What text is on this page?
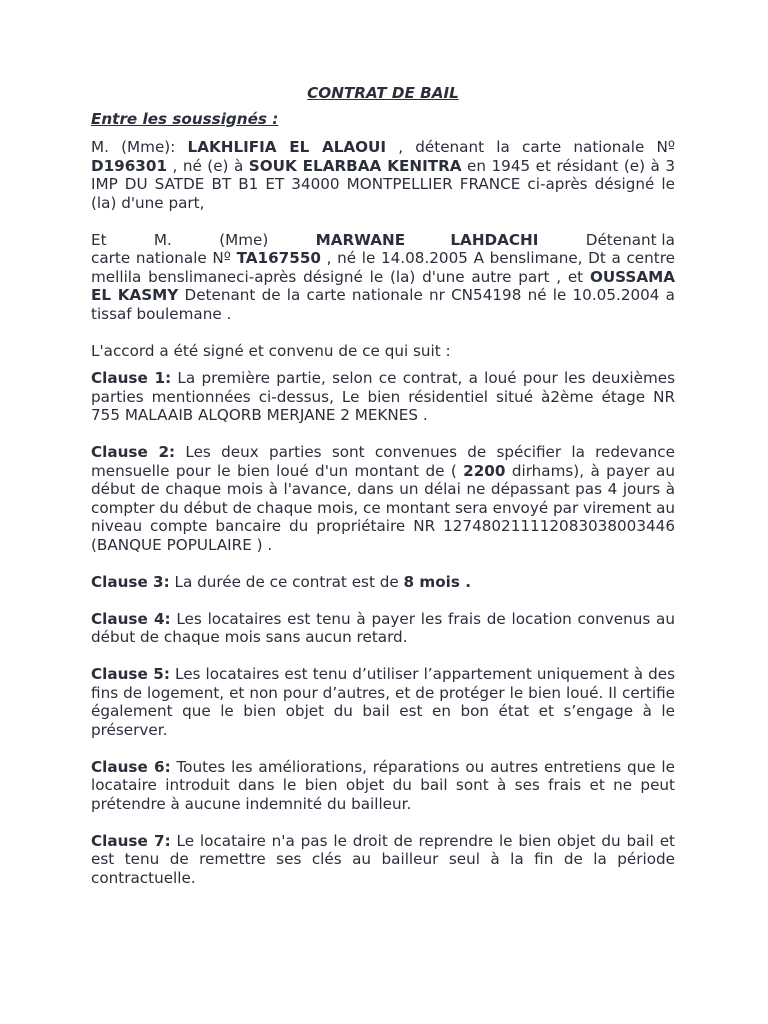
CONTRAT DE BAIL

Entre les soussignés :

M. (Mme): LAKHLIFIA EL ALAOUI , détenant la carte nationale Nº D196301 , né (e) à SOUK ELARBAA KENITRA en 1945 et résidant (e) à 3 IMP DU SATDE BT B1 ET 34000 MONTPELLIER FRANCE ci-après désigné le (la) d'une part,

Et	M.	(Mme)	MARWANE LAHDACHI	Détenant la

carte nationale Nº TA167550 , né le 14.08.2005 A benslimane, Dt a centre mellila benslimaneci-après désigné le (la) d'une autre part , et OUSSAMA EL KASMY Detenant de la carte nationale nr CN54198 né le 10.05.2004 a tissaf boulemane .

L'accord a été signé et convenu de ce qui suit :

Clause 1: La première partie, selon ce contrat, a loué pour les deuxièmes parties mentionnées ci-dessus, Le bien résidentiel situé à2ème étage NR 755 MALAAIB ALQORB MERJANE 2 MEKNES .

Clause 2: Les deux parties sont convenues de spécifier la redevance mensuelle pour le bien loué d'un montant de ( 2200 dirhams), à payer au début de chaque mois à l'avance, dans un délai ne dépassant pas 4 jours à compter du début de chaque mois, ce montant sera envoyé par virement au niveau compte bancaire du propriétaire NR 127480211112083038003446 (BANQUE POPULAIRE ) .

Clause 3: La durée de ce contrat est de 8 mois .

Clause 4: Les locataires est tenu à payer les frais de location convenus au début de chaque mois sans aucun retard.

Clause 5: Les locataires est tenu d’utiliser l’appartement uniquement à des fins de logement, et non pour d’autres, et de protéger le bien loué. Il certifie également que le bien objet du bail est en bon état et s’engage à le préserver.

Clause 6: Toutes les améliorations, réparations ou autres entretiens que le locataire introduit dans le bien objet du bail sont à ses frais et ne peut prétendre à aucune indemnité du bailleur.

Clause 7: Le locataire n'a pas le droit de reprendre le bien objet du bail et est tenu de remettre ses clés au bailleur seul à la fin de la période contractuelle.
